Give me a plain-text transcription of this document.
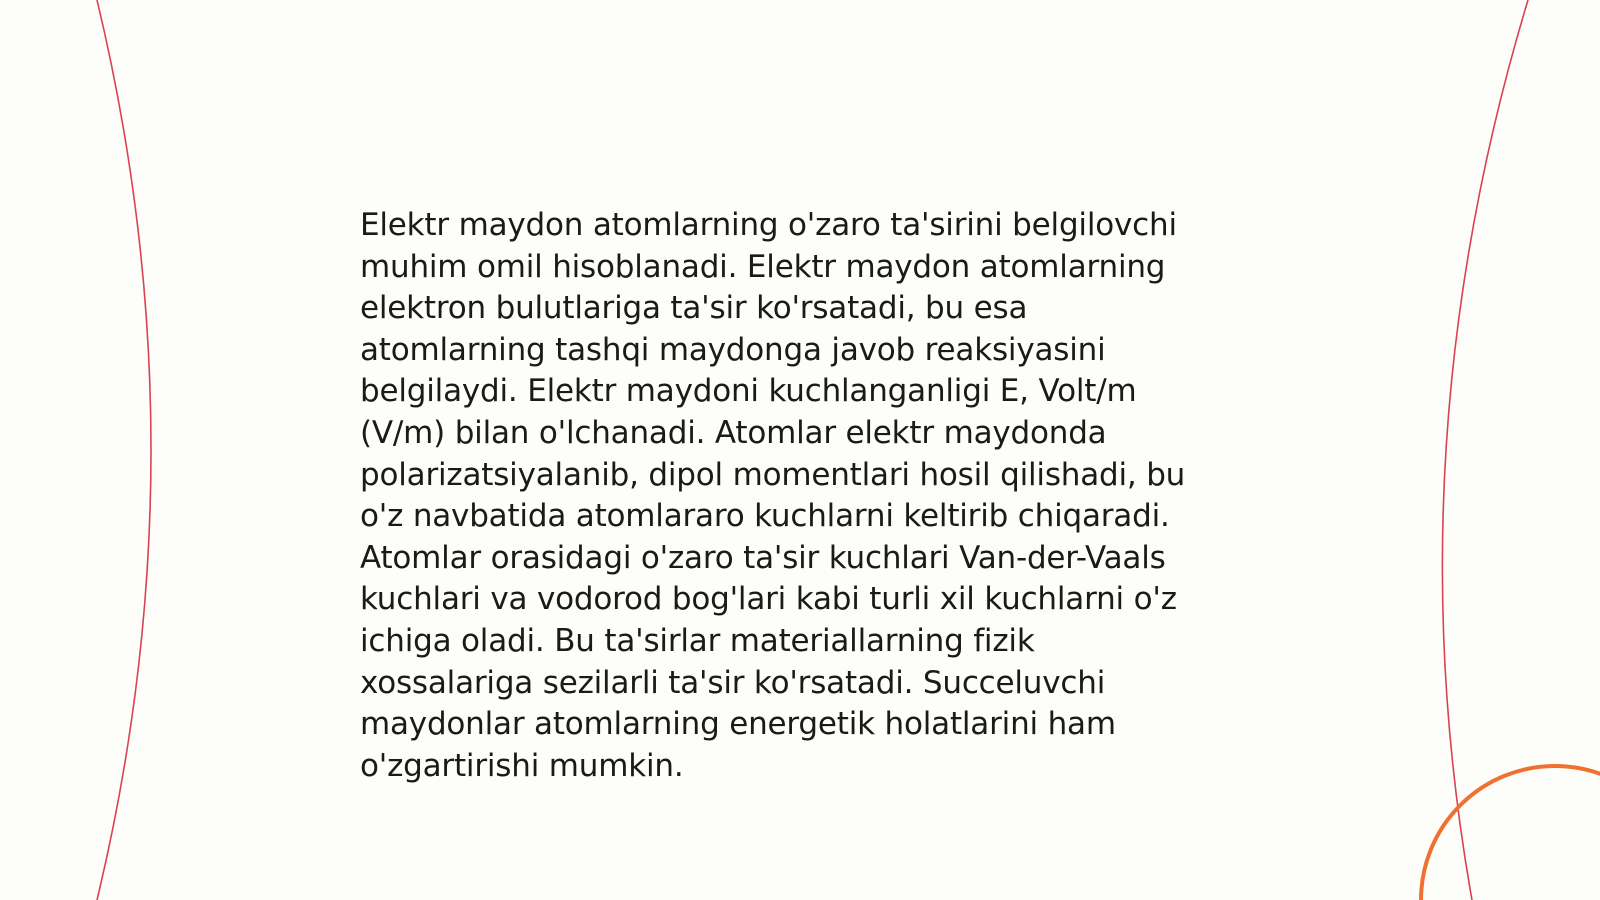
Elektr maydon atomlarning o'zaro ta'sirini belgilovchi
muhim omil hisoblanadi. Elektr maydon atomlarning
elektron bulutlariga ta'sir ko'rsatadi, bu esa
atomlarning tashqi maydonga javob reaksiyasini
belgilaydi. Elektr maydoni kuchlanganligi E, Volt/m
(V/m) bilan o'lchanadi. Atomlar elektr maydonda
polarizatsiyalanib, dipol momentlari hosil qilishadi, bu
o'z navbatida atomlararo kuchlarni keltirib chiqaradi.
Atomlar orasidagi o'zaro ta'sir kuchlari Van-der-Vaals
kuchlari va vodorod bog'lari kabi turli xil kuchlarni o'z
ichiga oladi. Bu ta'sirlar materiallarning fizik
xossalariga sezilarli ta'sir ko'rsatadi. Succeluvchi
maydonlar atomlarning energetik holatlarini ham
o'zgartirishi mumkin.
